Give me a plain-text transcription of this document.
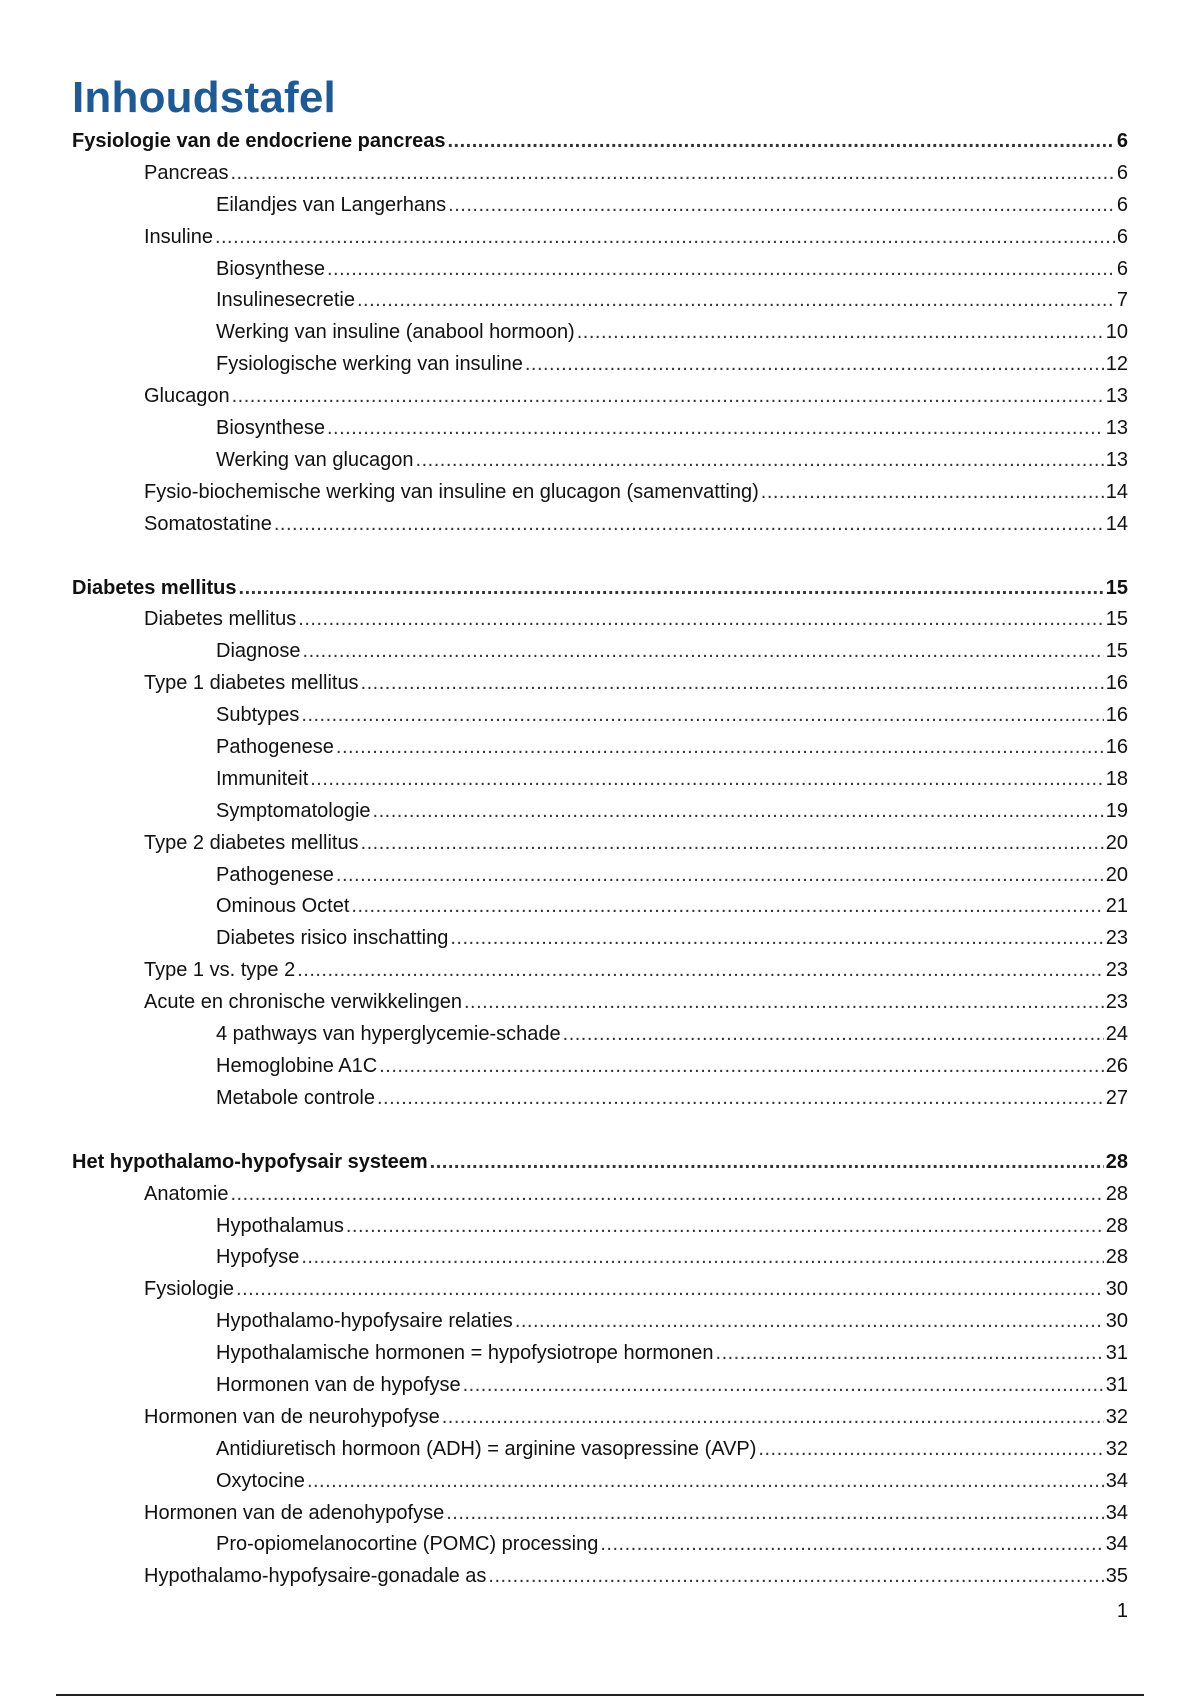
Inhoudstafel
Fysiologie van de endocriene pancreas .....	6
Pancreas .....	6
Eilandjes van Langerhans .....	6
Insuline .....	6
Biosynthese .....	6
Insulinesecretie .....	7
Werking van insuline (anabool hormoon) .....	10
Fysiologische werking van insuline .....	12
Glucagon .....	13
Biosynthese .....	13
Werking van glucagon .....	13
Fysio-biochemische werking van insuline en glucagon (samenvatting) .....	14
Somatostatine .....	14
Diabetes mellitus .....	15
Diabetes mellitus .....	15
Diagnose .....	15
Type 1 diabetes mellitus .....	16
Subtypes .....	16
Pathogenese .....	16
Immuniteit .....	18
Symptomatologie .....	19
Type 2 diabetes mellitus .....	20
Pathogenese .....	20
Ominous Octet .....	21
Diabetes risico inschatting .....	23
Type 1 vs. type 2 .....	23
Acute en chronische verwikkelingen .....	23
4 pathways van hyperglycemie-schade .....	24
Hemoglobine A1C .....	26
Metabole controle .....	27
Het hypothalamo-hypofysair systeem .....	28
Anatomie .....	28
Hypothalamus .....	28
Hypofyse .....	28
Fysiologie .....	30
Hypothalamo-hypofysaire relaties .....	30
Hypothalamische hormonen = hypofysiotrope hormonen .....	31
Hormonen van de hypofyse .....	31
Hormonen van de neurohypofyse .....	32
Antidiuretisch hormoon (ADH) = arginine vasopressine (AVP) .....	32
Oxytocine .....	34
Hormonen van de adenohypofyse .....	34
Pro-opiomelanocortine (POMC) processing .....	34
Hypothalamo-hypofysaire-gonadale as .....	35
1
